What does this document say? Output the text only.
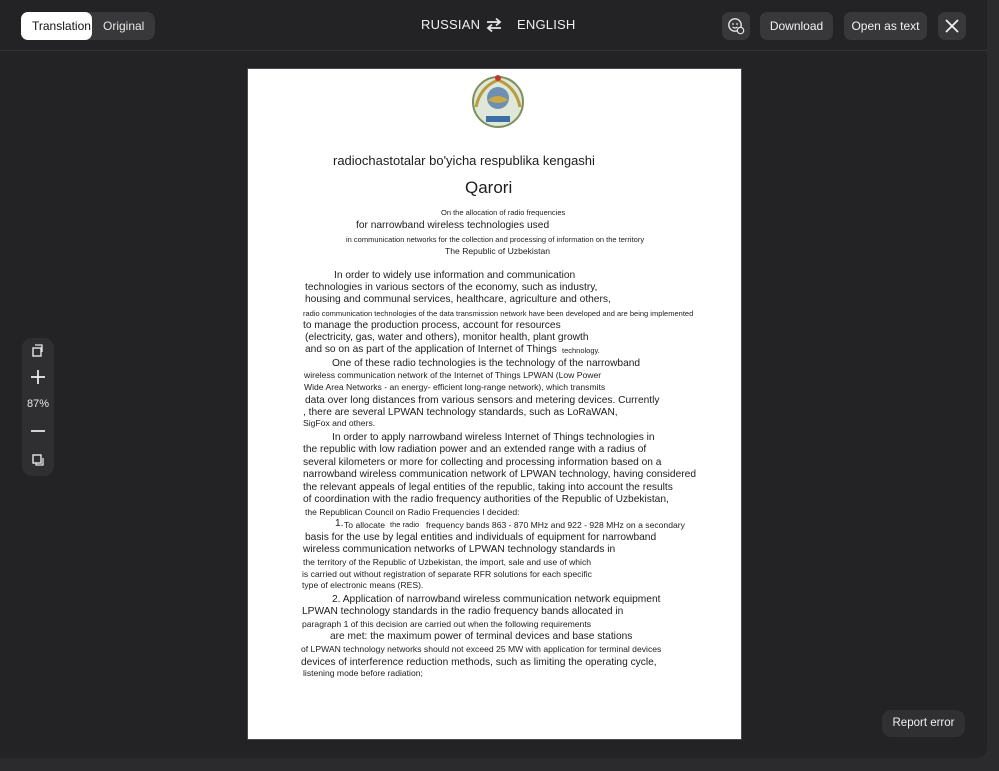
Translation	Original	RUSSIAN	ENGLISH	Download	Open as text
87%
radiochastotalar bo'yicha respublika kengashi
Qarori
On the allocation of radio frequencies
for narrowband wireless technologies used
in communication networks for the collection and processing of information on the territory
The Republic of Uzbekistan
In order to widely use information and communication
technologies in various sectors of the economy, such as industry,
housing and communal services, healthcare, agriculture and others,
radio communication technologies of the data transmission network have been developed and are being implemented
to manage the production process, account for resources
(electricity, gas, water and others), monitor health, plant growth
and so on as part of the application of Internet of Things technology.
One of these radio technologies is the technology of the narrowband
wireless communication network of the Internet of Things LPWAN (Low Power
Wide Area Networks - an energy- efficient long-range network), which transmits
data over long distances from various sensors and metering devices. Currently
, there are several LPWAN technology standards, such as LoRaWAN,
SigFox and others.
In order to apply narrowband wireless Internet of Things technologies in
the republic with low radiation power and an extended range with a radius of
several kilometers or more for collecting and processing information based on a
narrowband wireless communication network of LPWAN technology, having considered
the relevant appeals of legal entities of the republic, taking into account the results
of coordination with the radio frequency authorities of the Republic of Uzbekistan,
the Republican Council on Radio Frequencies I decided:
1. To allocate the radio frequency bands 863 - 870 MHz and 922 - 928 MHz on a secondary
basis for the use by legal entities and individuals of equipment for narrowband
wireless communication networks of LPWAN technology standards in
the territory of the Republic of Uzbekistan, the import, sale and use of which
is carried out without registration of separate RFR solutions for each specific
type of electronic means (RES).
2. Application of narrowband wireless communication network equipment
LPWAN technology standards in the radio frequency bands allocated in
paragraph 1 of this decision are carried out when the following requirements
are met: the maximum power of terminal devices and base stations
of LPWAN technology networks should not exceed 25 MW with application for terminal devices
devices of interference reduction methods, such as limiting the operating cycle,
listening mode before radiation;
Report error
